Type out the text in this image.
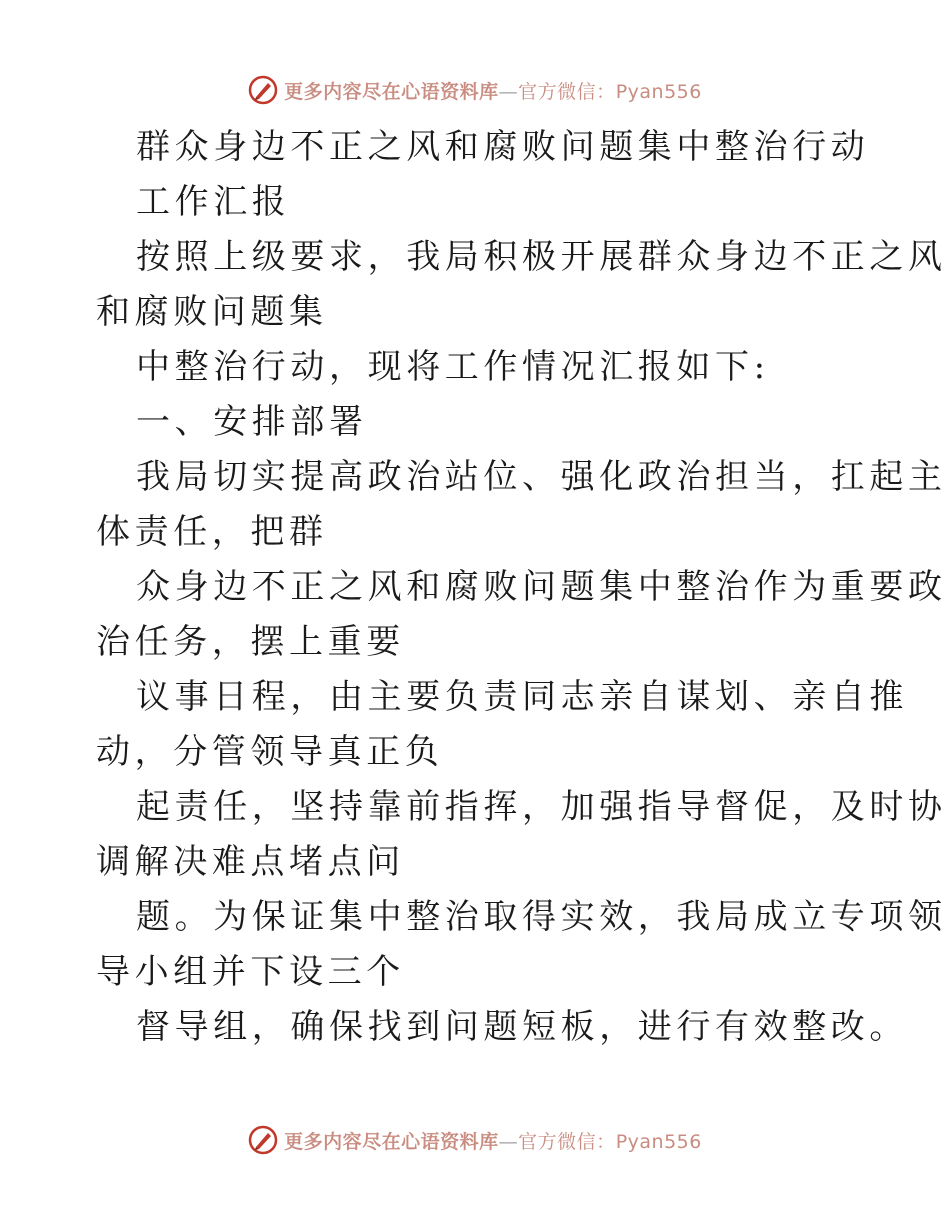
更多内容尽在心语资料库—官方微信：Pyan556

群众身边不正之风和腐败问题集中整治行动

工作汇报

按照上级要求，我局积极开展群众身边不正之风

和腐败问题集

中整治行动，现将工作情况汇报如下:

一、安排部署

我局切实提高政治站位、强化政治担当，扛起主

体责任，把群

众身边不正之风和腐败问题集中整治作为重要政

治任务，摆上重要

议事日程，由主要负责同志亲自谋划、亲自推

动，分管领导真正负

起责任，坚持靠前指挥，加强指导督促，及时协

调解决难点堵点问

题。为保证集中整治取得实效，我局成立专项领

导小组并下设三个

督导组，确保找到问题短板，进行有效整改。

更多内容尽在心语资料库—官方微信：Pyan556
